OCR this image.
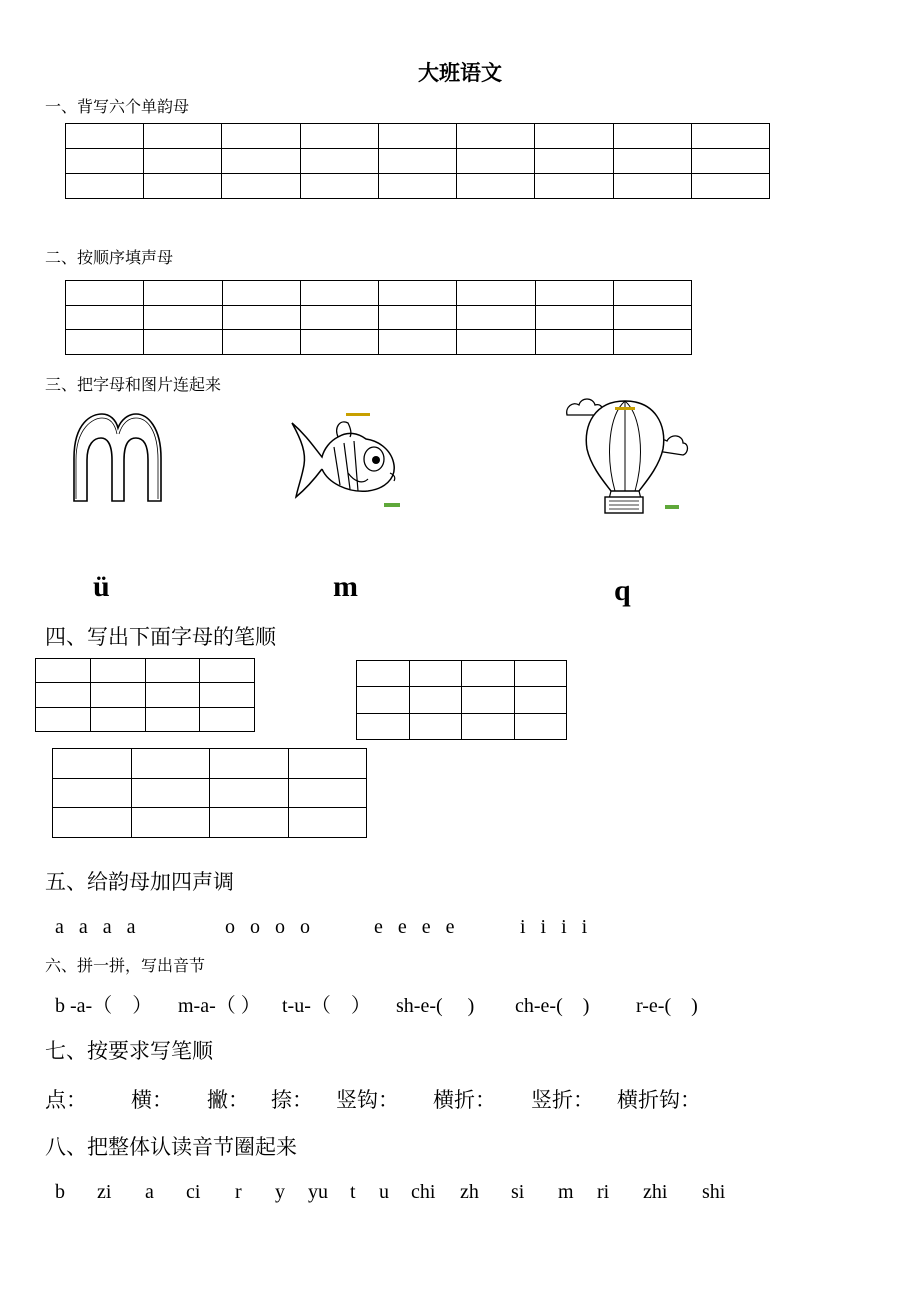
大班语文
一、背写六个单韵母

二、按顺序填声母

三、把字母和图片连起来
ü	m	q
四、写出下面字母的笔顺

五、给韵母加四声调
a   a   a   a	o   o   o   o	e   e   e   e	i   i   i   i
六、拼一拼，写出音节
b -a-（　） m-a-（ ） t-u-（　） sh-e-(　 ) ch-e-(　) r-e-(　)
七、按要求写笔顺
点： 横： 撇： 捺： 竖钩： 横折： 竖折： 横折钩：
八、把整体认读音节圈起来
b zi a ci r y yu t u chi zh si m ri zhi shi
